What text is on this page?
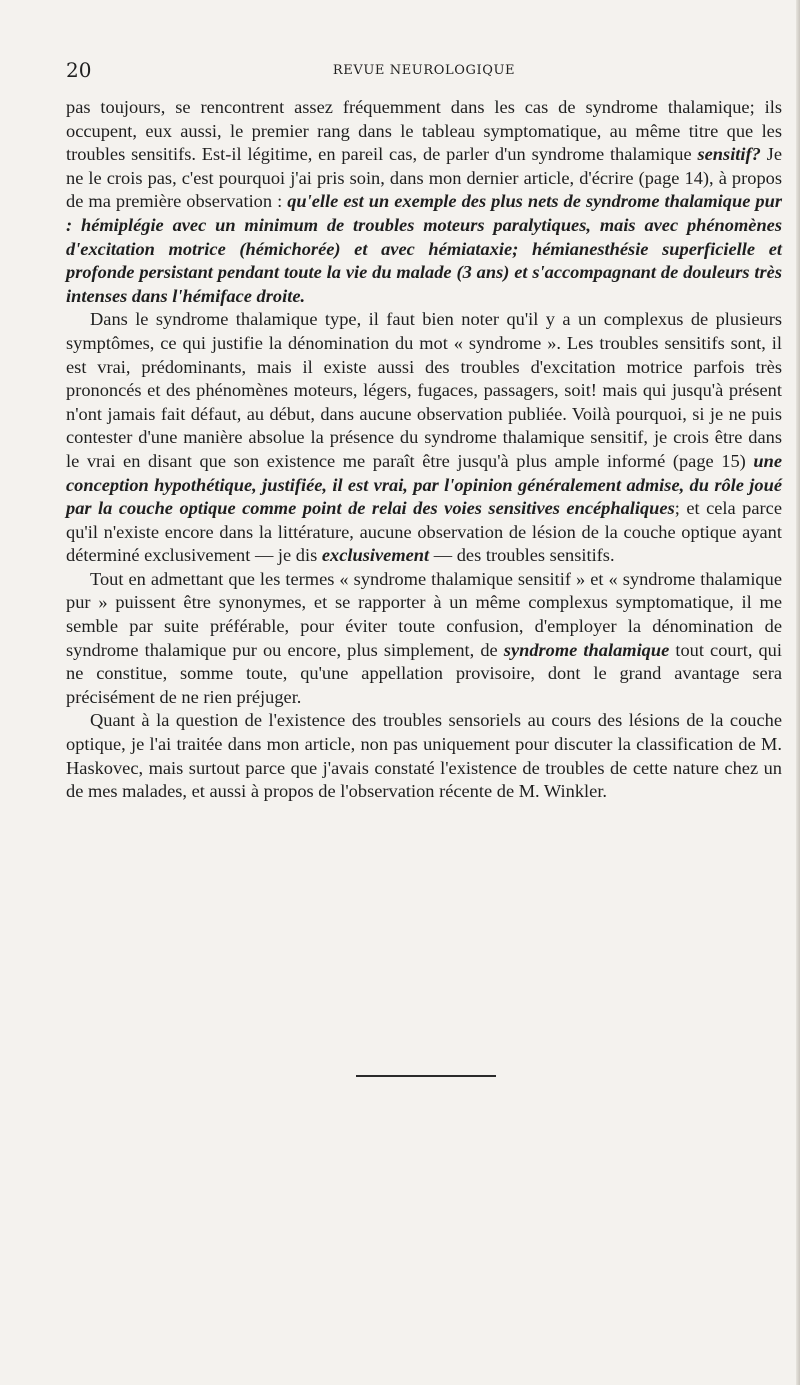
20	REVUE NEUROLOGIQUE

pas toujours, se rencontrent assez fréquemment dans les cas de syndrome thalamique; ils occupent, eux aussi, le premier rang dans le tableau symptomatique, au même titre que les troubles sensitifs. Est-il légitime, en pareil cas, de parler d'un syndrome thalamique sensitif? Je ne le crois pas, c'est pourquoi j'ai pris soin, dans mon dernier article, d'écrire (page 14), à propos de ma première observation : qu'elle est un exemple des plus nets de syndrome thalamique pur : hémiplégie avec un minimum de troubles moteurs paralytiques, mais avec phénomènes d'excitation motrice (hémichorée) et avec hémiataxie; hémianesthésie superficielle et profonde persistant pendant toute la vie du malade (3 ans) et s'accompagnant de douleurs très intenses dans l'hémiface droite.

Dans le syndrome thalamique type, il faut bien noter qu'il y a un complexus de plusieurs symptômes, ce qui justifie la dénomination du mot « syndrome ». Les troubles sensitifs sont, il est vrai, prédominants, mais il existe aussi des troubles d'excitation motrice parfois très prononcés et des phénomènes moteurs, légers, fugaces, passagers, soit! mais qui jusqu'à présent n'ont jamais fait défaut, au début, dans aucune observation publiée. Voilà pourquoi, si je ne puis contester d'une manière absolue la présence du syndrome thalamique sensitif, je crois être dans le vrai en disant que son existence me paraît être jusqu'à plus ample informé (page 15) une conception hypothétique, justifiée, il est vrai, par l'opinion généralement admise, du rôle joué par la couche optique comme point de relai des voies sensitives encéphaliques; et cela parce qu'il n'existe encore dans la littérature, aucune observation de lésion de la couche optique ayant déterminé exclusivement — je dis exclusivement — des troubles sensitifs.

Tout en admettant que les termes « syndrome thalamique sensitif » et « syndrome thalamique pur » puissent être synonymes, et se rapporter à un même complexus symptomatique, il me semble par suite préférable, pour éviter toute confusion, d'employer la dénomination de syndrome thalamique pur ou encore, plus simplement, de syndrome thalamique tout court, qui ne constitue, somme toute, qu'une appellation provisoire, dont le grand avantage sera précisément de ne rien préjuger.

Quant à la question de l'existence des troubles sensoriels au cours des lésions de la couche optique, je l'ai traitée dans mon article, non pas uniquement pour discuter la classification de M. Haskovec, mais surtout parce que j'avais constaté l'existence de troubles de cette nature chez un de mes malades, et aussi à propos de l'observation récente de M. Winkler.
